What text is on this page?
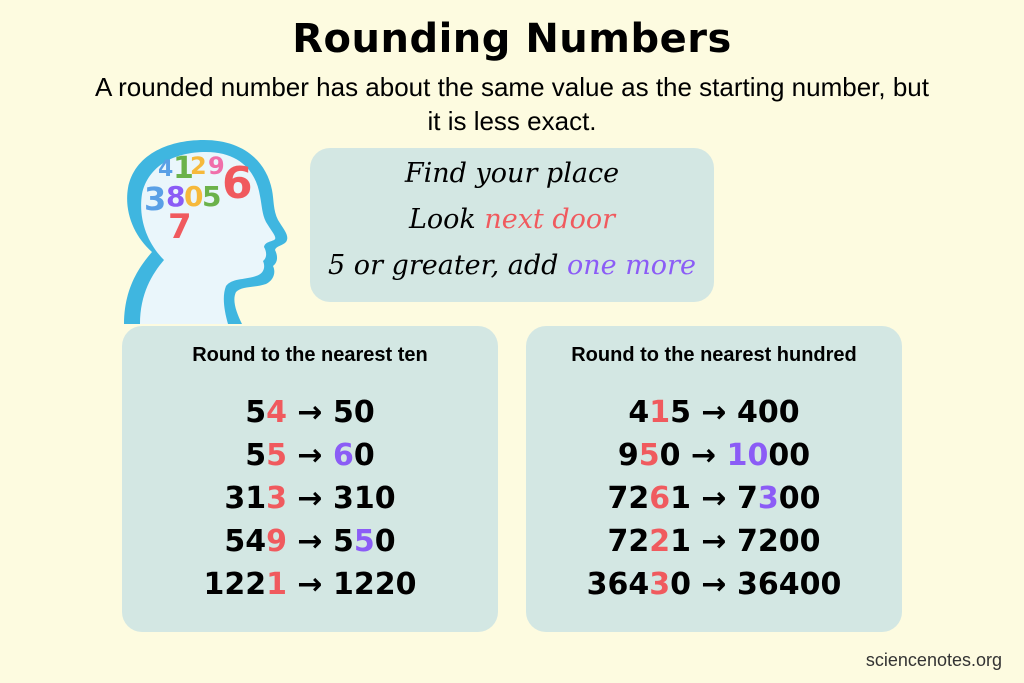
Rounding Numbers
A rounded number has about the same value as the starting number, but it is less exact.
4 1
2 9
6
3 8
0
5
7
Find your place
Look next door
5 or greater, add one more
Round to the nearest ten
54 → 50
55 → 60
313 → 310
549 → 550
1221 → 1220
Round to the nearest hundred
415 → 400
950 → 1000
7261 → 7300
7221 → 7200
36430 → 36400
sciencenotes.org
